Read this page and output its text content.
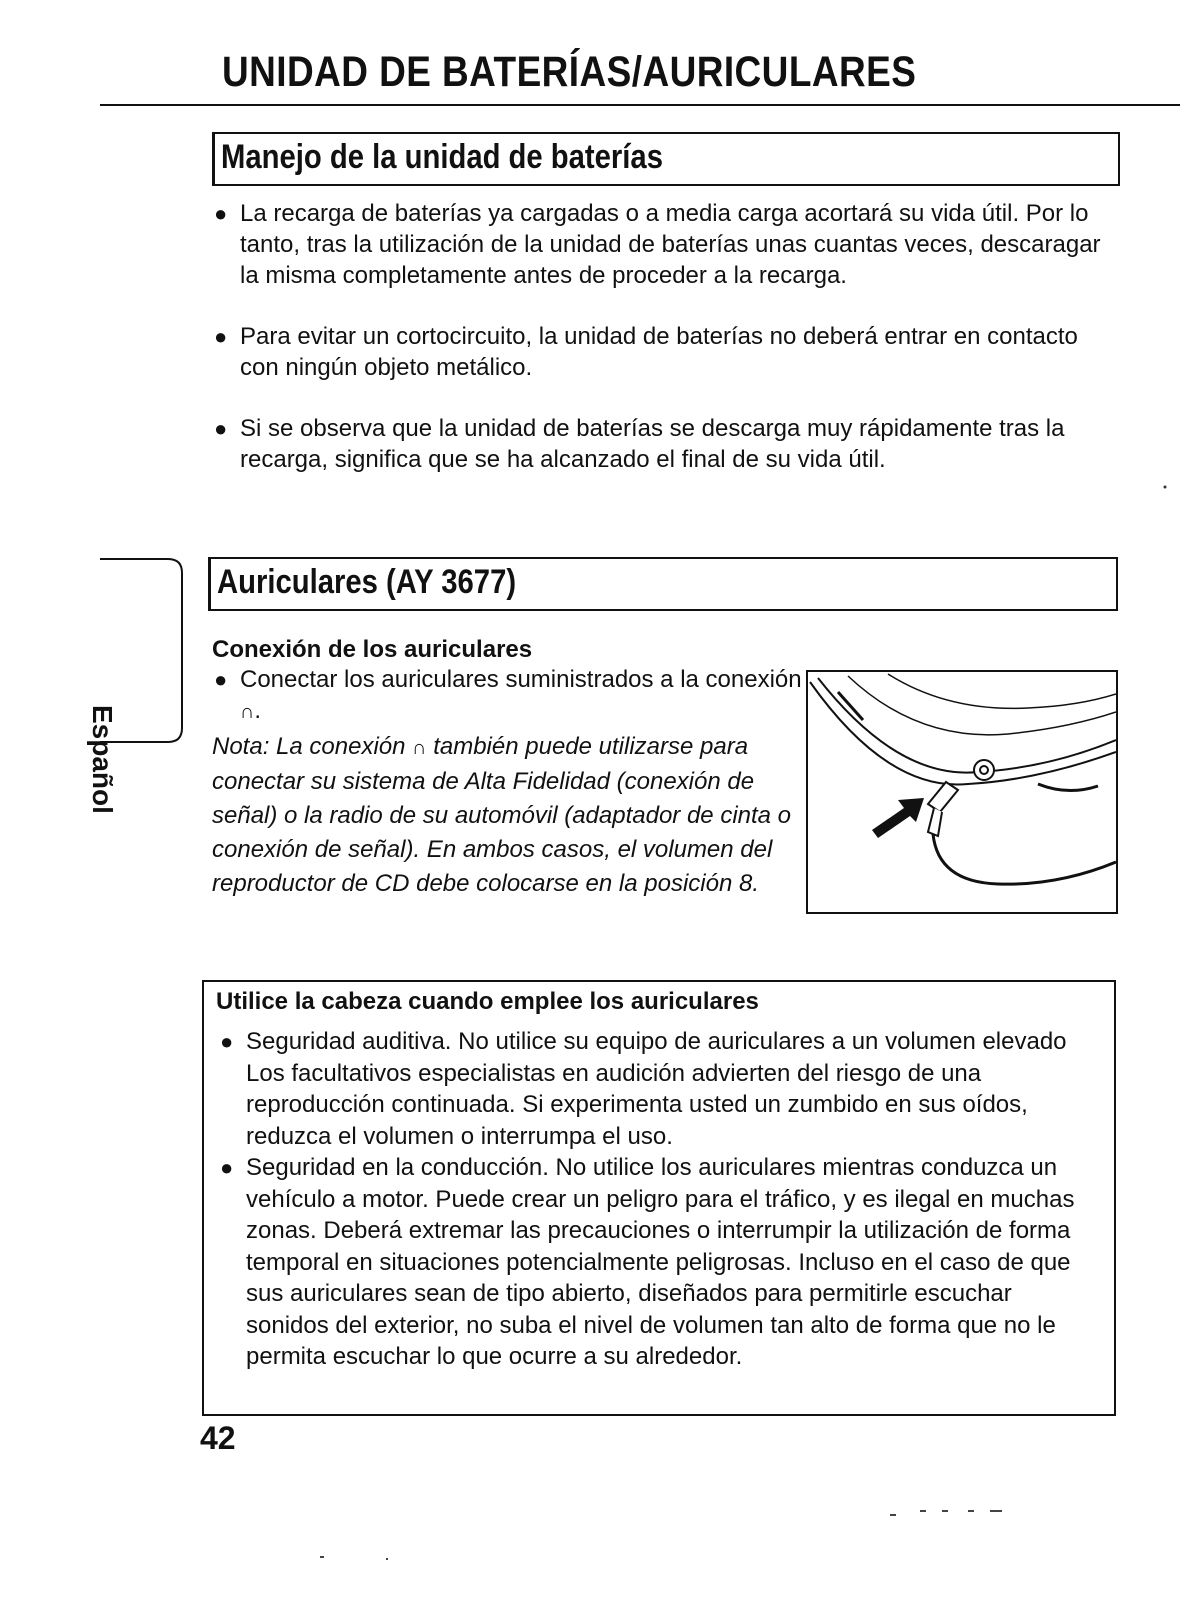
UNIDAD DE BATERÍAS/AURICULARES
Manejo de la unidad de baterías
● La recarga de baterías ya cargadas o a media carga acortará su vida útil. Por lo tanto, tras la utilización de la unidad de baterías unas cuantas veces, descaragar la misma completamente antes de proceder a la recarga.
● Para evitar un cortocircuito, la unidad de baterías no deberá entrar en contacto con ningún objeto metálico.
● Si se observa que la unidad de baterías se descarga muy rápidamente tras la recarga, significa que se ha alcanzado el final de su vida útil.
Español
Auriculares (AY 3677)
Conexión de los auriculares
● Conectar los auriculares suministrados a la conexión ∩.

Nota: La conexión ∩ también puede utilizarse para conectar su sistema de Alta Fidelidad (conexión de señal) o la radio de su automóvil (adaptador de cinta o conexión de señal). En ambos casos, el volumen del reproductor de CD debe colocarse en la posición 8.

Utilice la cabeza cuando emplee los auriculares
● Seguridad auditiva. No utilice su equipo de auriculares a un volumen elevado Los facultativos especialistas en audición advierten del riesgo de una reproducción continuada. Si experimenta usted un zumbido en sus oídos, reduzca el volumen o interrumpa el uso.
● Seguridad en la conducción. No utilice los auriculares mientras conduzca un vehículo a motor. Puede crear un peligro para el tráfico, y es ilegal en muchas zonas. Deberá extremar las precauciones o interrumpir la utilización de forma temporal en situaciones potencialmente peligrosas. Incluso en el caso de que sus auriculares sean de tipo abierto, diseñados para permitirle escuchar sonidos del exterior, no suba el nivel de volumen tan alto de forma que no le permita escuchar lo que ocurre a su alrededor.
42
